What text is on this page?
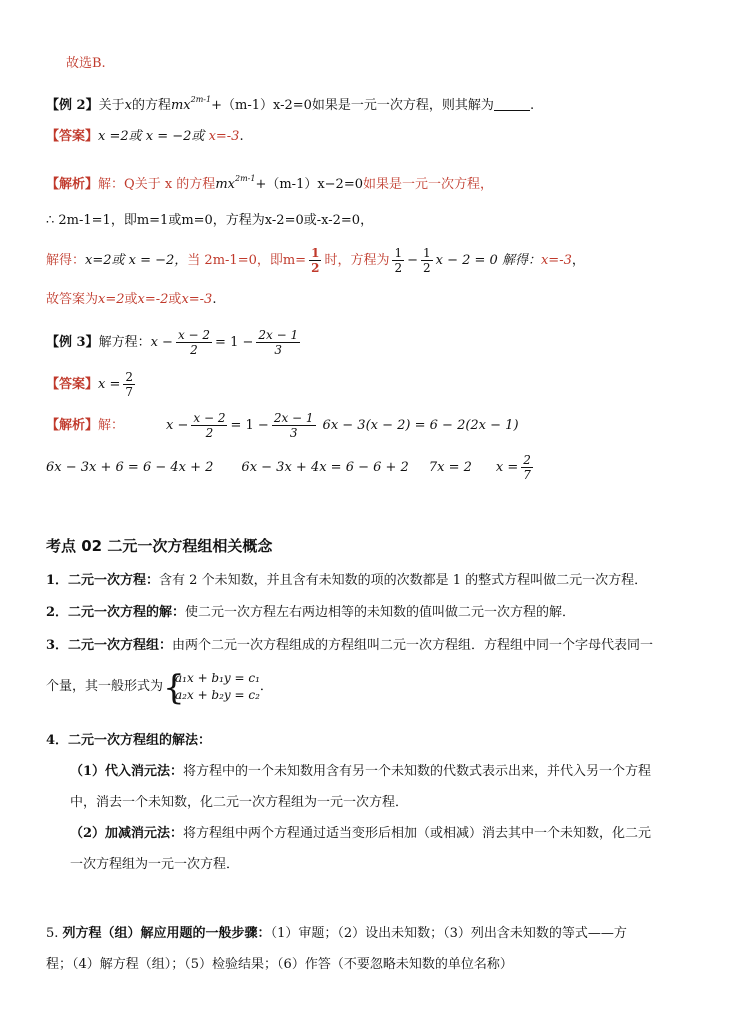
故选B.
【例 2】关于x的方程$mx^{2m-1}+(m-1)x-2=0$如果是一元一次方程，则其解为	.
【答案】x =2或 x = −2或 x=-3.
【解析】解：Q关于 x 的方程$mx^{2m-1}+(m-1)x-2=0$如果是一元一次方程，
∴ 2m-1=1，即m=1或m=0，方程为x-2=0或-x-2=0，
解得：x=2或 x = −2，当 2m-1=0，即$m= \frac{1}{2}$ 时，方程为 $\frac{1}{2} - \frac{1}{2}$ x − 2 = 0 解得：x=-3，
故答案为x=2或x=-2或x=-3.
【例 3】解方程：$x - \frac{x - 2}{2} = 1 - \frac{2x - 1}{3}$
【答案】$x = \frac{2}{7}$
【解析】解：	$x - \frac{x - 2}{2} = 1 - \frac{2x - 1}{3} 6x - 3(x - 2) = 6 - 2(2x - 1)$
6x − 3x + 6 = 6 − 4x + 2 6x − 3x + 4x = 6 − 6 + 2 7x = 2 $x = \frac{2}{7}$
考点 02 二元一次方程组相关概念
1．二元一次方程：含有 2 个未知数，并且含有未知数的项的次数都是 1 的整式方程叫做二元一次方程．
2．二元一次方程的解：使二元一次方程左右两边相等的未知数的值叫做二元一次方程的解．
3．二元一次方程组：由两个二元一次方程组成的方程组叫二元一次方程组．方程组中同一个字母代表同一
个量，其一般形式为 {
a₁x + b₁y = c₁
a₂x + b₂y = c₂
．
4．二元一次方程组的解法：
（1）代入消元法：将方程中的一个未知数用含有另一个未知数的代数式表示出来，并代入另一个方程
中，消去一个未知数，化二元一次方程组为一元一次方程．
（2）加减消元法：将方程组中两个方程通过适当变形后相加（或相减）消去其中一个未知数，化二元
一次方程组为一元一次方程．
5. 列方程（组）解应用题的一般步骤：（1）审题；（2）设出未知数；（3）列出含未知数的等式——方
程；（4）解方程（组）；（5）检验结果；（6）作答（不要忽略未知数的单位名称）
